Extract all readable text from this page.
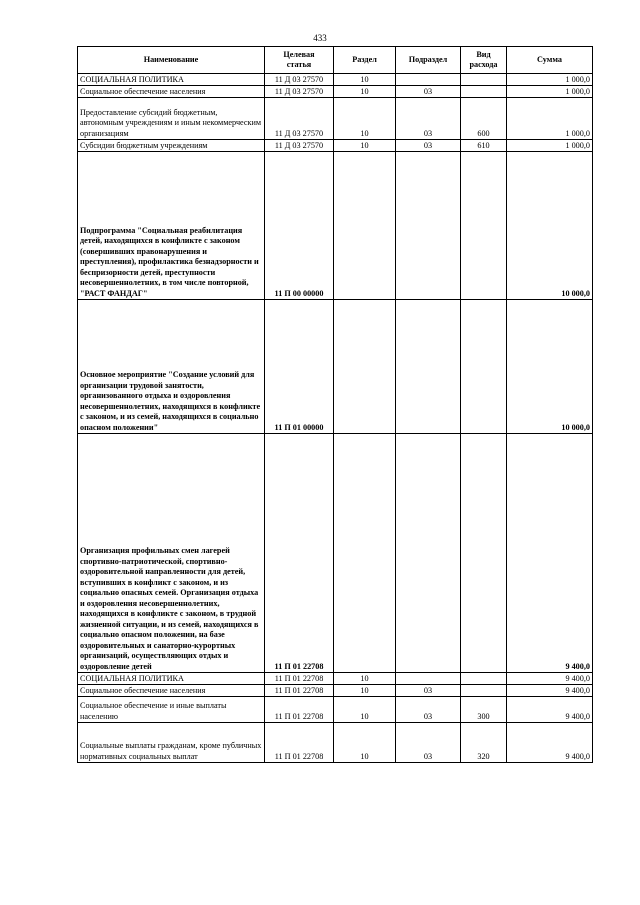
433
Наименование	Целевая статья	Раздел	Подраздел	Вид расхода	Сумма
СОЦИАЛЬНАЯ ПОЛИТИКА	11 Д 03 27570	10			1 000,0
Социальное обеспечение населения	11 Д 03 27570	10	03		1 000,0
Предоставление субсидий бюджетным, автономным учреждениям и иным некоммерческим организациям	11 Д 03 27570	10	03	600	1 000,0
Субсидии бюджетным учреждениям	11 Д 03 27570	10	03	610	1 000,0
Подпрограмма "Социальная реабилитация детей, находящихся в конфликте с законом (совершивших правонарушения и преступления), профилактика безнадзорности и беспризорности детей, преступности несовершеннолетних, в том числе повторной, "РАСТ ФАНДАГ"	11 П 00 00000				10 000,0
Основное мероприятие "Создание условий для организации трудовой занятости, организованного отдыха и оздоровления несовершеннолетних, находящихся в конфликте с законом, и из семей, находящихся в социально опасном положении"	11 П 01 00000				10 000,0
Организация профильных смен лагерей спортивно-патриотической, спортивно-оздоровительной направленности для детей, вступивших в конфликт с законом, и из социально опасных семей. Организация отдыха и оздоровления несовершеннолетних, находящихся в конфликте с законом, в трудной жизненной ситуации, и из семей, находящихся в социально опасном положении, на базе оздоровительных и санаторно-курортных организаций, осуществляющих отдых и оздоровление детей	11 П 01 22708				9 400,0
СОЦИАЛЬНАЯ ПОЛИТИКА	11 П 01 22708	10			9 400,0
Социальное обеспечение населения	11 П 01 22708	10	03		9 400,0
Социальное обеспечение и иные выплаты населению	11 П 01 22708	10	03	300	9 400,0
Социальные выплаты гражданам, кроме публичных нормативных социальных выплат	11 П 01 22708	10	03	320	9 400,0
